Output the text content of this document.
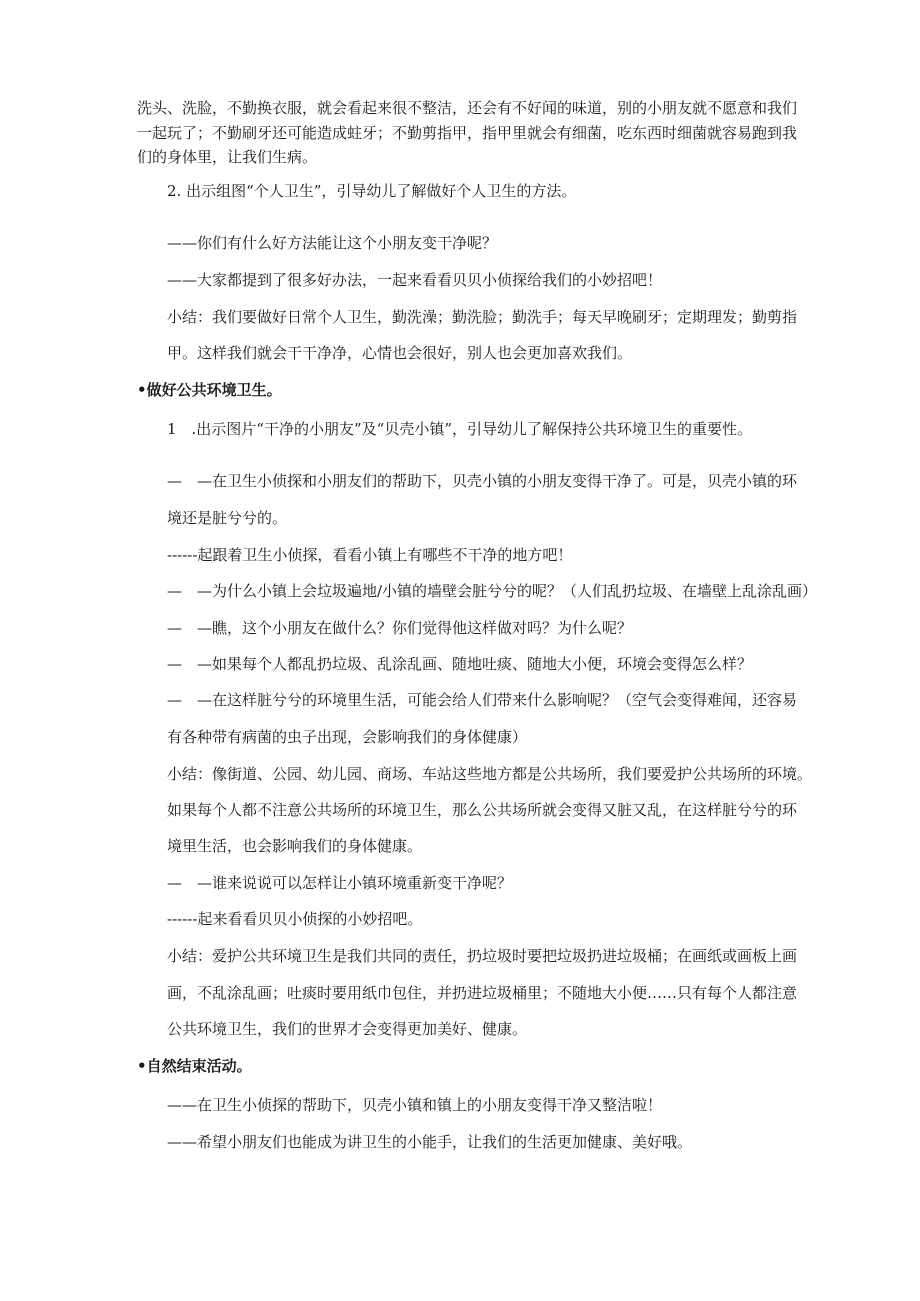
洗头、洗脸，不勤换衣服，就会看起来很不整洁，还会有不好闻的味道，别的小朋友就不愿意和我们

一起玩了；不勤刷牙还可能造成蛀牙；不勤剪指甲，指甲里就会有细菌，吃东西时细菌就容易跑到我

们的身体里，让我们生病。

2. 出示组图“个人卫生”，引导幼儿了解做好个人卫生的方法。

——你们有什么好方法能让这个小朋友变干净呢？

——大家都提到了很多好办法，一起来看看贝贝小侦探给我们的小妙招吧！

小结：我们要做好日常个人卫生，勤洗澡；勤洗脸；勤洗手；每天早晚刷牙；定期理发；勤剪指

甲。这样我们就会干干净净，心情也会很好，别人也会更加喜欢我们。

•做好公共环境卫生。

1　.出示图片“干净的小朋友”及“贝壳小镇”，引导幼儿了解保持公共环境卫生的重要性。

—　—在卫生小侦探和小朋友们的帮助下，贝壳小镇的小朋友变得干净了。可是，贝壳小镇的环

境还是脏兮兮的。

------起跟着卫生小侦探，看看小镇上有哪些不干净的地方吧！

—　—为什么小镇上会垃圾遍地/小镇的墙壁会脏兮兮的呢？（人们乱扔垃圾、在墙壁上乱涂乱画）

—　—瞧，这个小朋友在做什么？你们觉得他这样做对吗？为什么呢？

—　—如果每个人都乱扔垃圾、乱涂乱画、随地吐痰、随地大小便，环境会变得怎么样？

—　—在这样脏兮兮的环境里生活，可能会给人们带来什么影响呢？（空气会变得难闻，还容易

有各种带有病菌的虫子出现，会影响我们的身体健康）

小结：像街道、公园、幼儿园、商场、车站这些地方都是公共场所，我们要爱护公共场所的环境。

如果每个人都不注意公共场所的环境卫生，那么公共场所就会变得又脏又乱，在这样脏兮兮的环

境里生活，也会影响我们的身体健康。

—　—谁来说说可以怎样让小镇环境重新变干净呢？

------起来看看贝贝小侦探的小妙招吧。

小结：爱护公共环境卫生是我们共同的责任，扔垃圾时要把垃圾扔进垃圾桶；在画纸或画板上画

画，不乱涂乱画；吐痰时要用纸巾包住，并扔进垃圾桶里；不随地大小便……只有每个人都注意

公共环境卫生，我们的世界才会变得更加美好、健康。

•自然结束活动。

——在卫生小侦探的帮助下，贝壳小镇和镇上的小朋友变得干净又整洁啦！

——希望小朋友们也能成为讲卫生的小能手，让我们的生活更加健康、美好哦。
